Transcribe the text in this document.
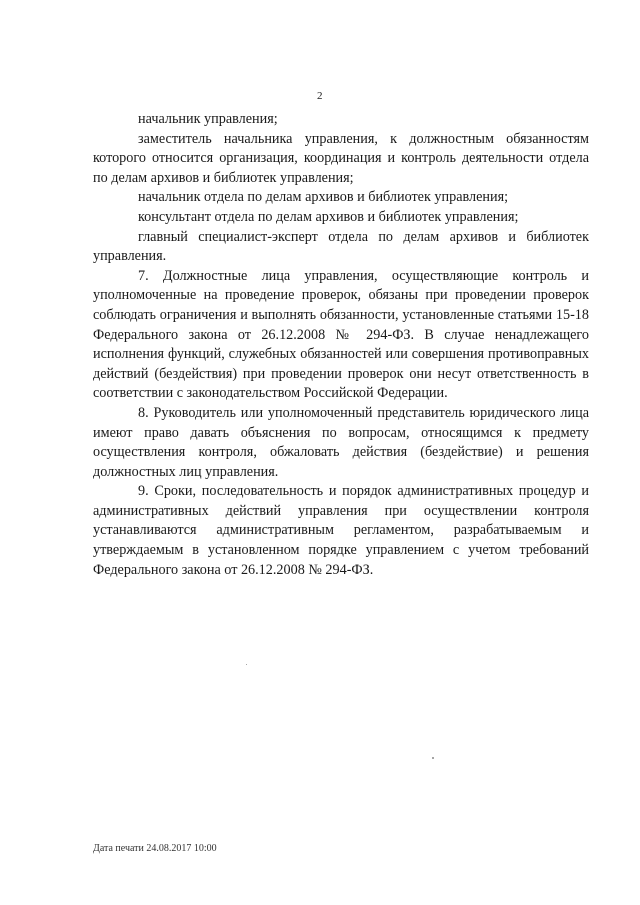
2

начальник управления;

заместитель начальника управления, к должностным обязанностям которого относится организация, координация и контроль деятельности отдела по делам архивов и библиотек управления;

начальник отдела по делам архивов и библиотек управления;

консультант отдела по делам архивов и библиотек управления;

главный специалист-эксперт отдела по делам архивов и библиотек управления.

7. Должностные лица управления, осуществляющие контроль и уполномоченные на проведение проверок, обязаны при проведении проверок соблюдать ограничения и выполнять обязанности, установленные статьями 15-18 Федерального закона от 26.12.2008 № 294-ФЗ. В случае ненадлежащего исполнения функций, служебных обязанностей или совершения противоправных действий (бездействия) при проведении проверок они несут ответственность в соответствии с законодательством Российской Федерации.

8. Руководитель или уполномоченный представитель юридического лица имеют право давать объяснения по вопросам, относящимся к предмету осуществления контроля, обжаловать действия (бездействие) и решения должностных лиц управления.

9. Сроки, последовательность и порядок административных процедур и административных действий управления при осуществлении контроля устанавливаются административным регламентом, разрабатываемым и утверждаемым в установленном порядке управлением с учетом требований Федерального закона от 26.12.2008 № 294-ФЗ.

Дата печати 24.08.2017 10:00
